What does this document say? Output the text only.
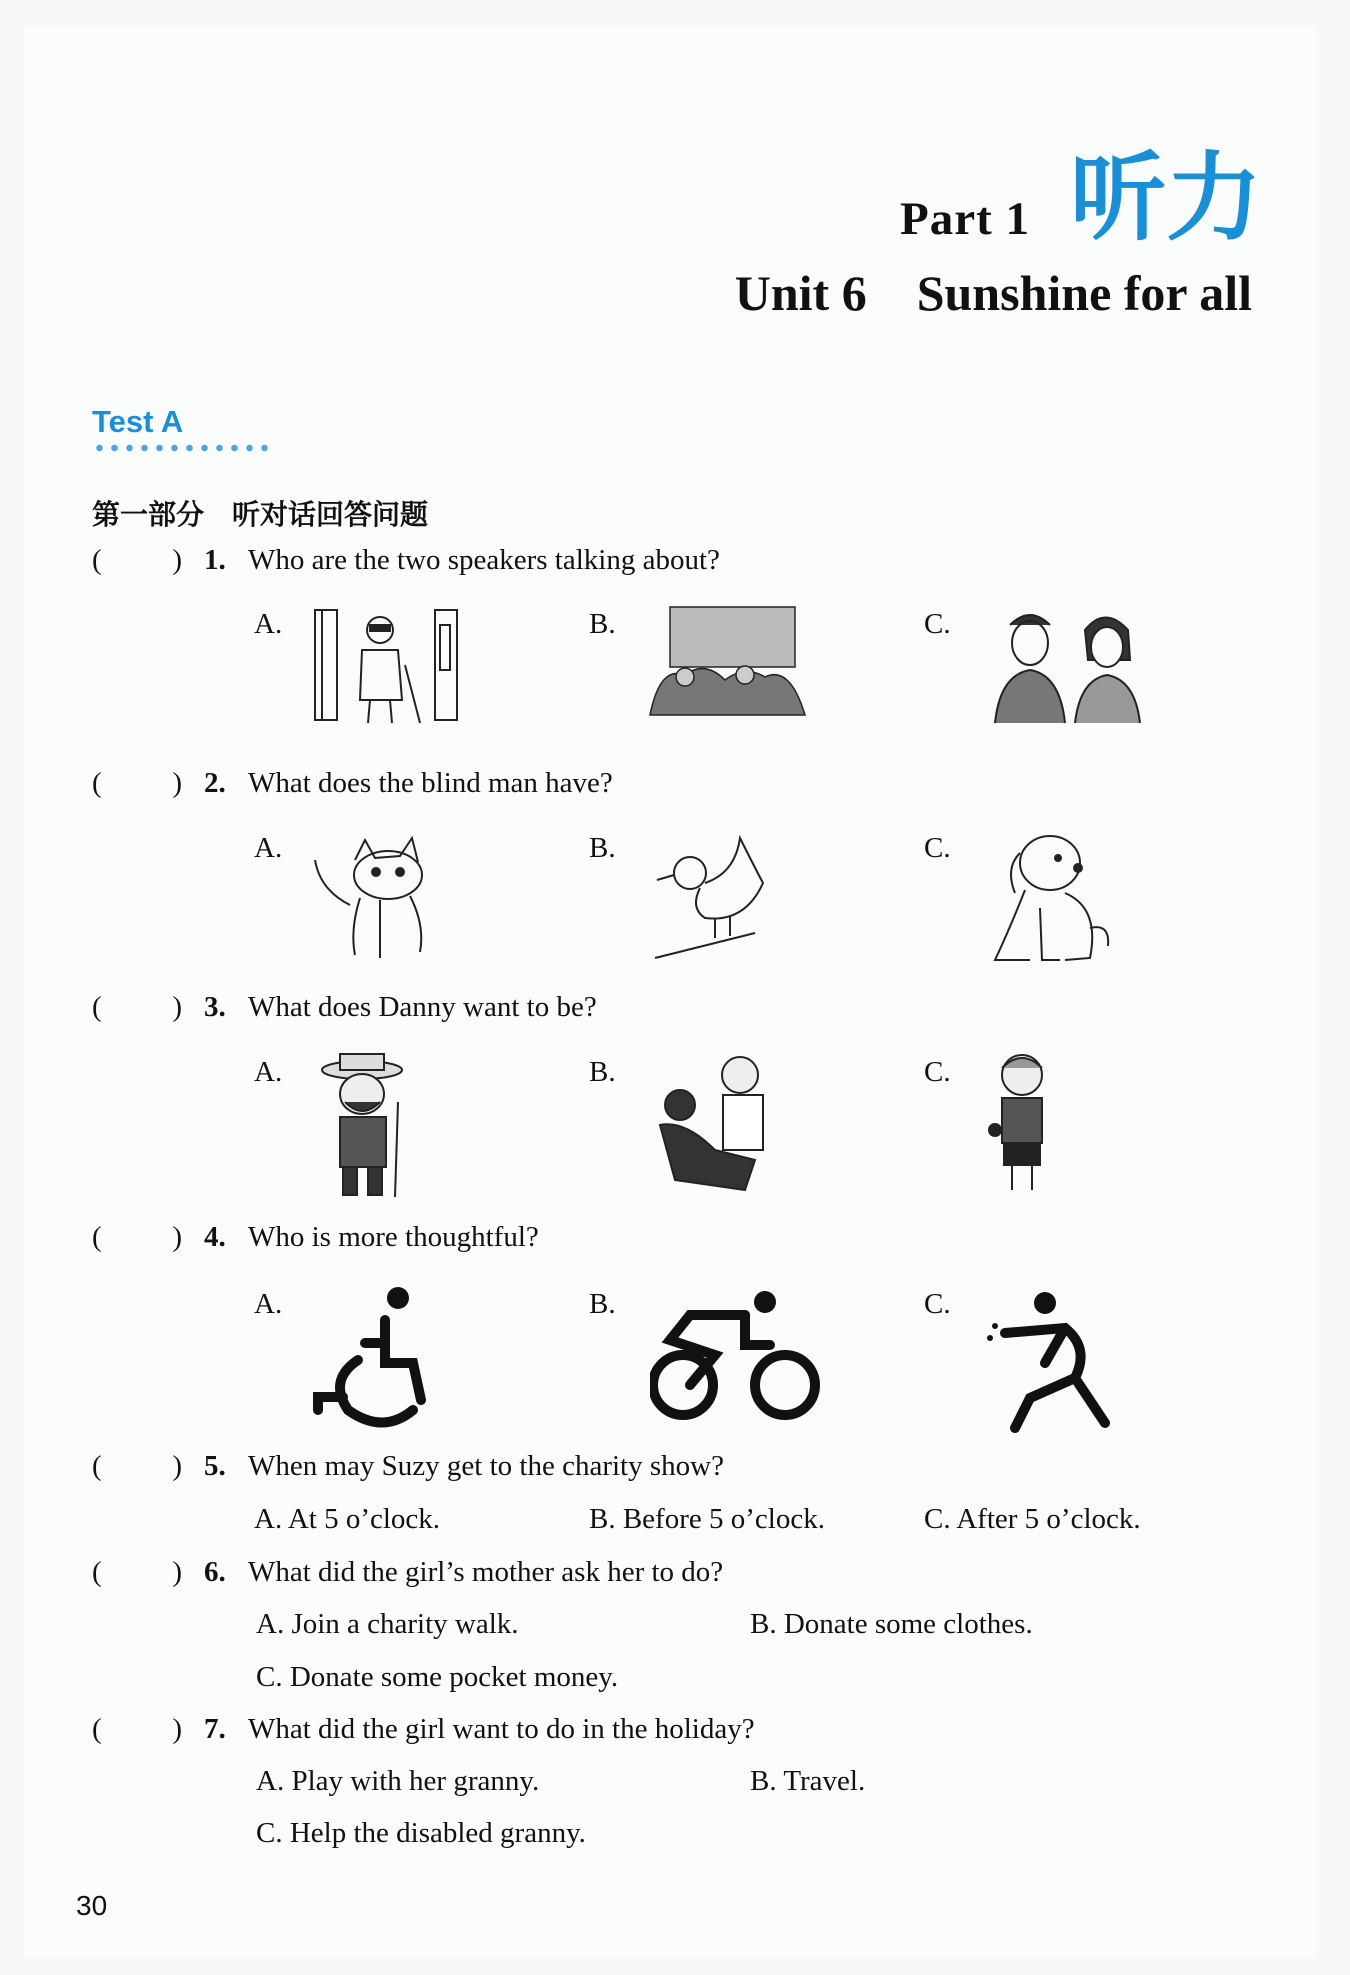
Part 1 听力
Unit 6    Sunshine for all
Test A
第一部分　听对话回答问题
( ) 1. Who are the two speakers talking about?
A.	B.	C.
( ) 2. What does the blind man have?
A.	B.	C.
( ) 3. What does Danny want to be?
A.	B.	C.
( ) 4. Who is more thoughtful?
A.	B.	C.
( ) 5. When may Suzy get to the charity show?
A. At 5 o’clock.	B. Before 5 o’clock.	C. After 5 o’clock.
( ) 6. What did the girl’s mother ask her to do?
A. Join a charity walk.	B. Donate some clothes.
C. Donate some pocket money.
( ) 7. What did the girl want to do in the holiday?
A. Play with her granny.	B. Travel.
C. Help the disabled granny.
30
